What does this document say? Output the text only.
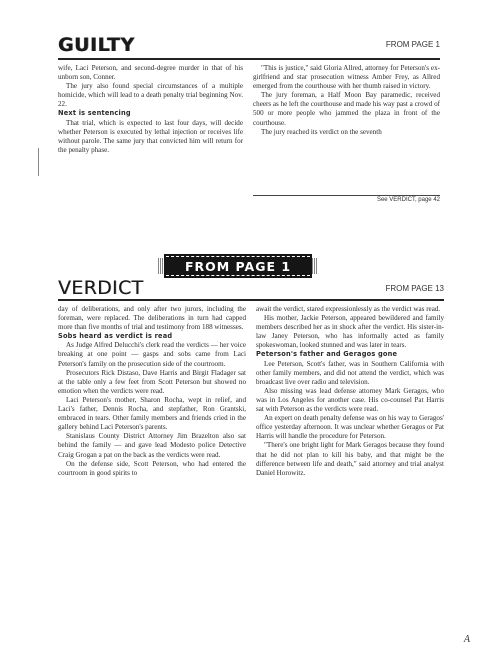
GUILTY	FROM PAGE 1

wife, Laci Peterson, and second-degree murder in that of his unborn son, Conner.

The jury also found special circumstances of a multiple homicide, which will lead to a death penalty trial beginning Nov. 22.

Next is sentencing

That trial, which is expected to last four days, will decide whether Peterson is executed by lethal injection or receives life without parole. The same jury that convicted him will return for the penalty phase.

"This is justice," said Gloria Allred, attorney for Peterson's ex-girlfriend and star prosecution witness Amber Frey, as Allred emerged from the courthouse with her thumb raised in victory.

The jury foreman, a Half Moon Bay paramedic, received cheers as he left the courthouse and made his way past a crowd of 500 or more people who jammed the plaza in front of the courthouse.

The jury reached its verdict on the seventh

See VERDICT, page 42
FROM PAGE 1
VERDICT	FROM PAGE 13

day of deliberations, and only after two jurors, including the foreman, were replaced. The deliberations in turn had capped more than five months of trial and testimony from 188 witnesses.

Sobs heard as verdict is read

As Judge Alfred Delucchi's clerk read the verdicts — her voice breaking at one point — gasps and sobs came from Laci Peterson's family on the prosecution side of the courtroom.

Prosecutors Rick Distaso, Dave Harris and Birgit Fladager sat at the table only a few feet from Scott Peterson but showed no emotion when the verdicts were read.

Laci Peterson's mother, Sharon Rocha, wept in relief, and Laci's father, Dennis Rocha, and stepfather, Ron Grantski, embraced in tears. Other family members and friends cried in the gallery behind Laci Peterson's parents.

Stanislaus County District Attorney Jim Brazelton also sat behind the family — and gave lead Modesto police Detective Craig Grogan a pat on the back as the verdicts were read.

On the defense side, Scott Peterson, who had entered the courtroom in good spirits to

await the verdict, stared expressionlessly as the verdict was read.

His mother, Jackie Peterson, appeared bewildered and family members described her as in shock after the verdict. His sister-in-law Janey Peterson, who has informally acted as family spokeswoman, looked stunned and was later in tears.

Peterson's father and Geragos gone

Lee Peterson, Scott's father, was in Southern California with other family members, and did not attend the verdict, which was broadcast live over radio and television.

Also missing was lead defense attorney Mark Geragos, who was in Los Angeles for another case. His co-counsel Pat Harris sat with Peterson as the verdicts were read.

An expert on death penalty defense was on his way to Geragos' office yesterday afternoon. It was unclear whether Geragos or Pat Harris will handle the procedure for Peterson.

"There's one bright light for Mark Geragos because they found that he did not plan to kill his baby, and that might be the difference between life and death," said attorney and trial analyst Daniel Horowitz.

A
